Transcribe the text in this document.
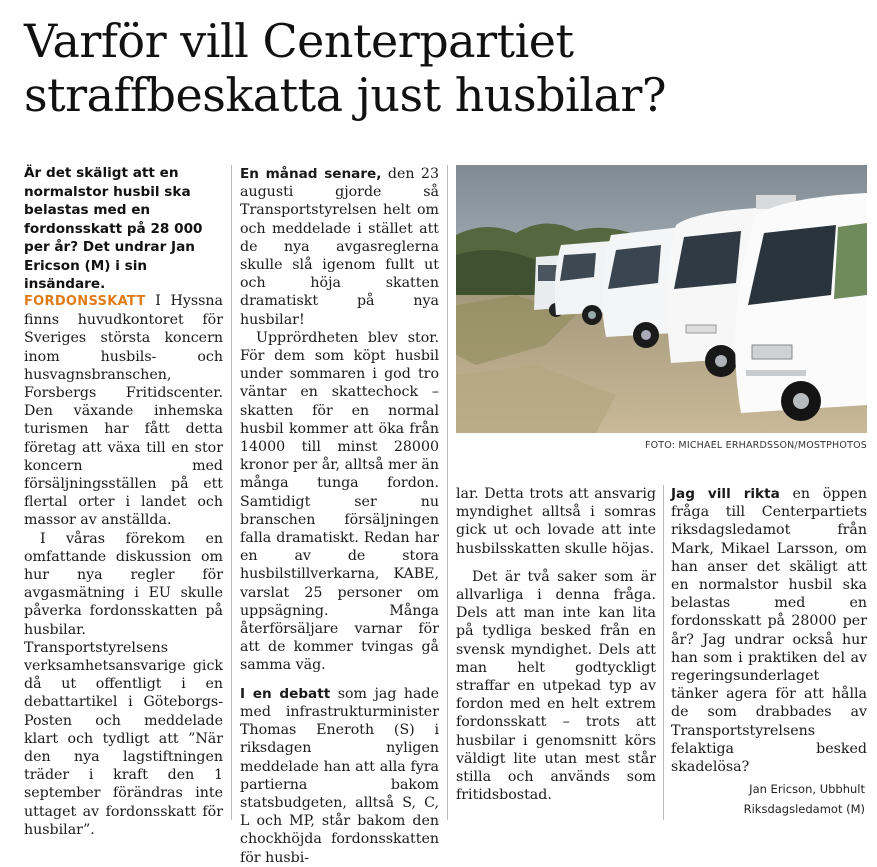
Varför vill Centerpartiet straffbeskatta just husbilar?
Är det skäligt att en normalstor husbil ska belastas med en fordonsskatt på 28 000 per år? Det undrar Jan Ericson (M) i sin insändare.

FORDONSSKATT I Hyssna finns huvudkontoret för Sveriges största koncern inom husbils- och husvagnsbranschen, Forsbergs Fritidscenter. Den växande inhemska turismen har fått detta företag att växa till en stor koncern med försäljningsställen på ett flertal orter i landet och massor av anställda.

I våras förekom en omfattande diskussion om hur nya regler för avgasmätning i EU skulle påverka fordonsskatten på husbilar. Transportstyrelsens verksamhetsansvarige gick då ut offentligt i en debattartikel i Göteborgs-Posten och meddelade klart och tydligt att ”När den nya lagstiftningen träder i kraft den 1 september förändras inte uttaget av fordonsskatt för husbilar”.

En månad senare, den 23 augusti gjorde så Transportstyrelsen helt om och meddelade i stället att de nya avgasreglerna skulle slå igenom fullt ut och höja skatten dramatiskt på nya husbilar!

Upprördheten blev stor. För dem som köpt husbil under sommaren i god tro väntar en skattechock – skatten för en normal husbil kommer att öka från 14000 till minst 28000 kronor per år, alltså mer än många tunga fordon. Samtidigt ser nu branschen försäljningen falla dramatiskt. Redan har en av de stora husbilstillverkarna, KABE, varslat 25 personer om uppsägning. Många återförsäljare varnar för att de kommer tvingas gå samma väg.

I en debatt som jag hade med infrastrukturminister Thomas Eneroth (S) i riksdagen nyligen meddelade han att alla fyra partierna bakom statsbudgeten, alltså S, C, L och MP, står bakom den chockhöjda fordonsskatten för husbi-

FOTO: MICHAEL ERHARDSSON/MOSTPHOTOS

lar. Detta trots att ansvarig myndighet alltså i somras gick ut och lovade att inte husbilsskatten skulle höjas.

Det är två saker som är allvarliga i denna fråga. Dels att man inte kan lita på tydliga besked från en svensk myndighet. Dels att man helt godtyckligt straffar en utpekad typ av fordon med en helt extrem fordonsskatt – trots att husbilar i genomsnitt körs väldigt lite utan mest står stilla och används som fritidsbostad.

Jag vill rikta en öppen fråga till Centerpartiets riksdagsledamot från Mark, Mikael Larsson, om han anser det skäligt att en normalstor husbil ska belastas med en fordonsskatt på 28000 per år? Jag undrar också hur han som i praktiken del av regeringsunderlaget tänker agera för att hålla de som drabbades av Transportstyrelsens felaktiga besked skadelösa?

Jan Ericson, Ubbhult
Riksdagsledamot (M)
